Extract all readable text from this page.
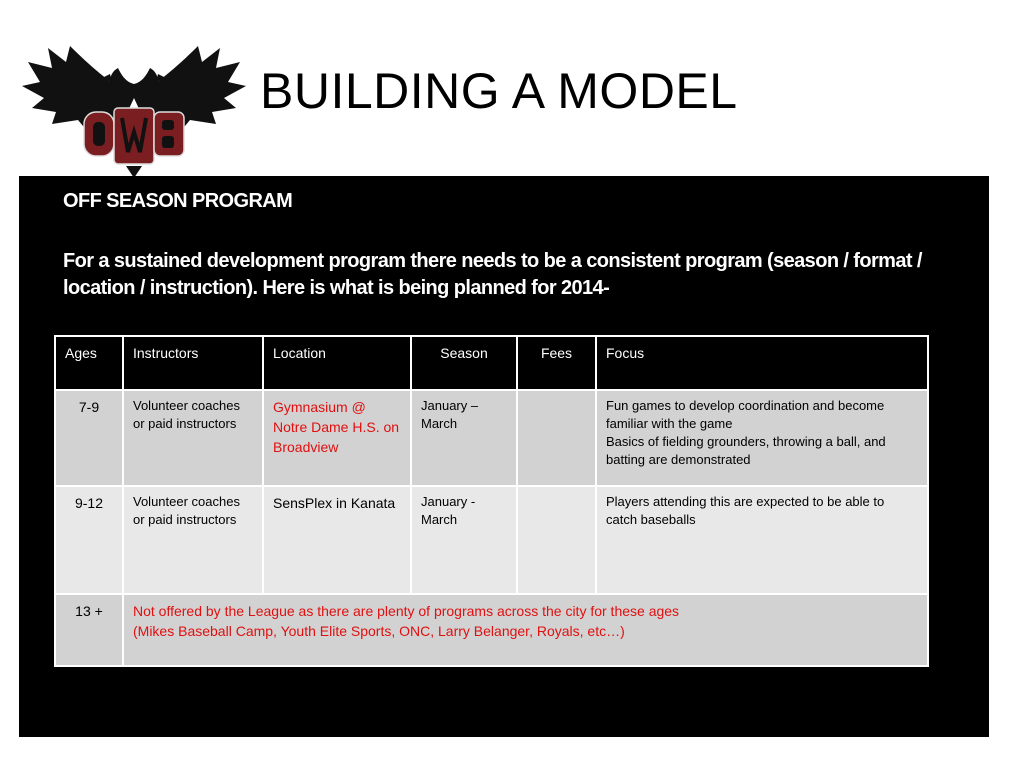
BUILDING A MODEL
OFF SEASON PROGRAM
For a sustained development program there needs to be a consistent program (season / format / location / instruction). Here is what is being planned for 2014-
Ages	Instructors	Location	Season	Fees	Focus
7-9	Volunteer coaches or paid instructors	Gymnasium @ Notre Dame H.S. on Broadview	January – March		Fun games to develop coordination and become familiar with the game
Basics of fielding grounders, throwing a ball, and batting are demonstrated

9-12	Volunteer coaches or paid instructors	SensPlex in Kanata	January - March		Players attending this are expected to be able to catch baseballs

13 +	Not offered by the League as there are plenty of programs across the city for these ages
(Mikes Baseball Camp, Youth Elite Sports, ONC, Larry Belanger, Royals, etc…)				
